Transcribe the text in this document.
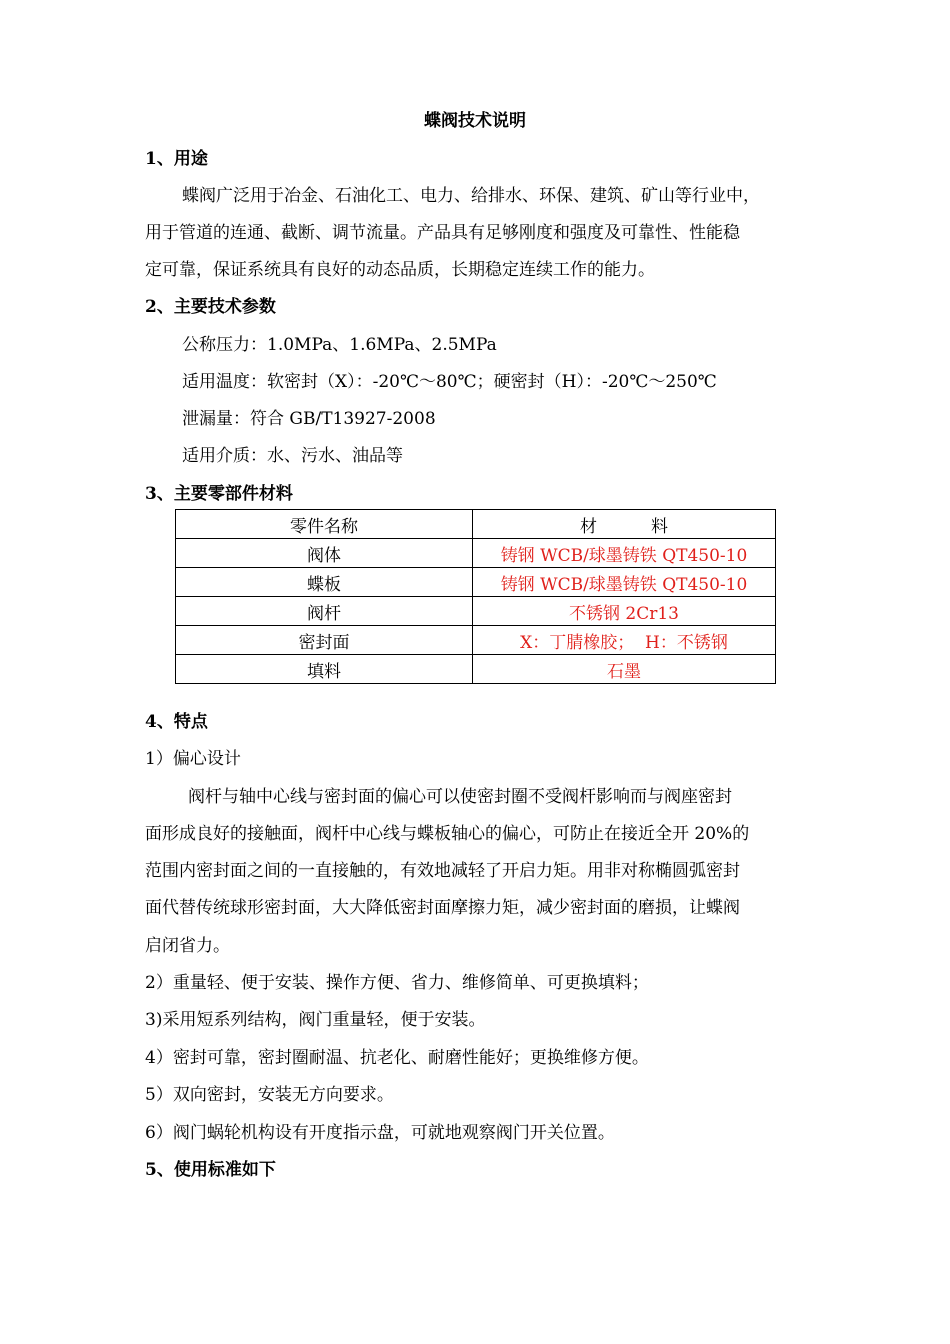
蝶阀技术说明
1、用途
蝶阀广泛用于冶金、石油化工、电力、给排水、环保、建筑、矿山等行业中，
用于管道的连通、截断、调节流量。产品具有足够刚度和强度及可靠性、性能稳
定可靠，保证系统具有良好的动态品质，长期稳定连续工作的能力。
2、主要技术参数
公称压力：1.0MPa、1.6MPa、2.5MPa
适用温度：软密封（X）：-20℃～80℃；硬密封（H）：-20℃～250℃
泄漏量：符合 GB/T13927-2008
适用介质：水、污水、油品等
3、主要零部件材料
零件名称	材          料
阀体	铸钢 WCB/球墨铸铁 QT450-10
蝶板	铸钢 WCB/球墨铸铁 QT450-10
阀杆	不锈钢 2Cr13
密封面	X：丁腈橡胶；  H：不锈钢
填料	石墨
4、特点
1）偏心设计
阀杆与轴中心线与密封面的偏心可以使密封圈不受阀杆影响而与阀座密封
面形成良好的接触面，阀杆中心线与蝶板轴心的偏心，可防止在接近全开 20%的
范围内密封面之间的一直接触的，有效地减轻了开启力矩。用非对称椭圆弧密封
面代替传统球形密封面，大大降低密封面摩擦力矩，减少密封面的磨损，让蝶阀
启闭省力。
2）重量轻、便于安装、操作方便、省力、维修简单、可更换填料；
3)采用短系列结构，阀门重量轻，便于安装。
4）密封可靠，密封圈耐温、抗老化、耐磨性能好；更换维修方便。
5）双向密封，安装无方向要求。
6）阀门蜗轮机构设有开度指示盘，可就地观察阀门开关位置。
5、使用标准如下
